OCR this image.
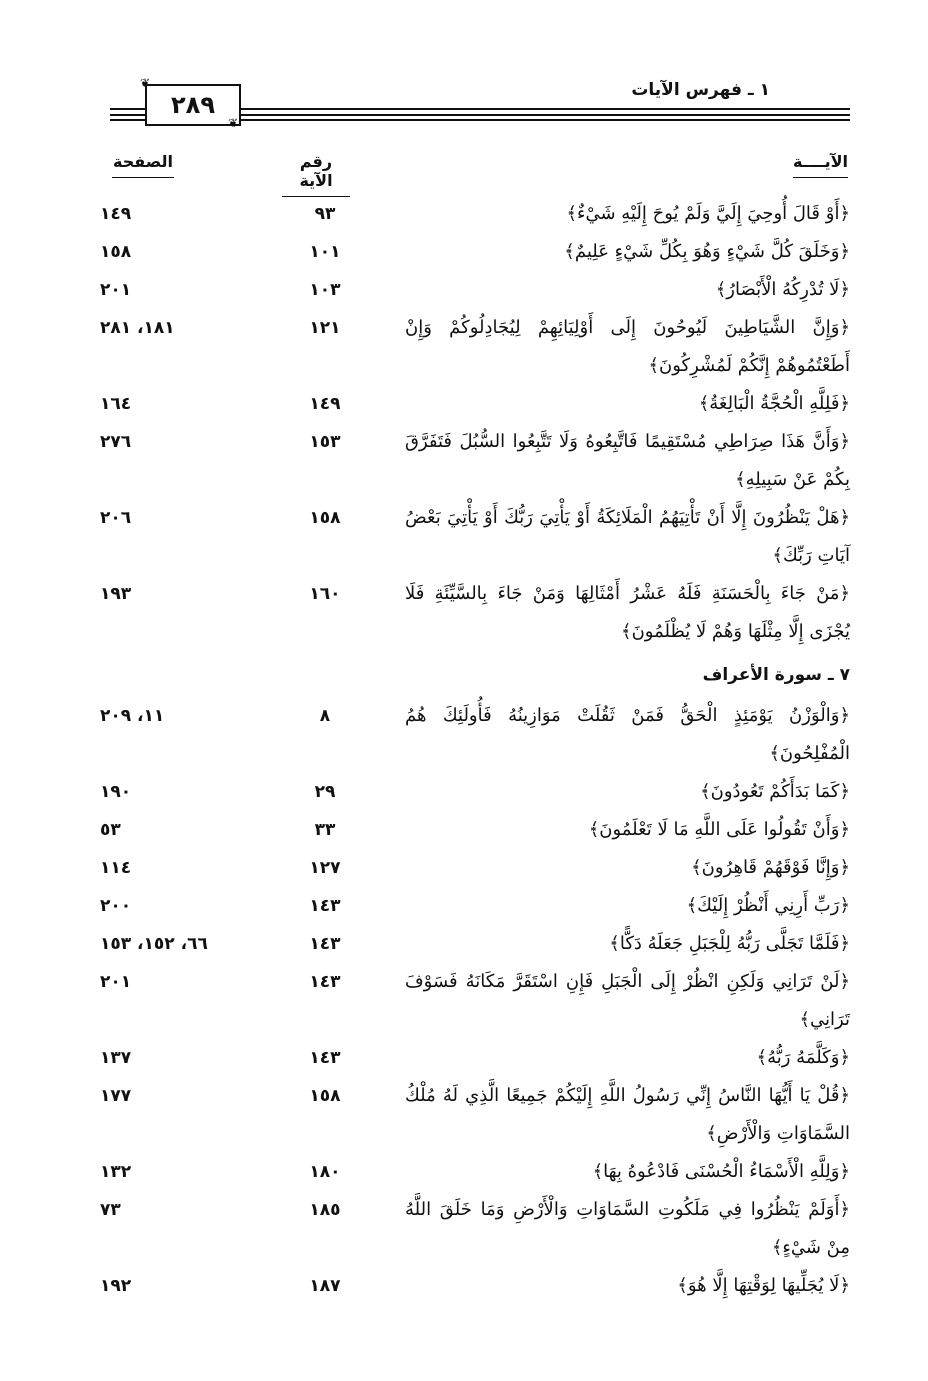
٢٨٩
❦
❦
١ ـ فهرس الآيات
الآيــــة
رقم الآية
الصفحة
﴿أَوْ قَالَ أُوحِيَ إِلَيَّ وَلَمْ يُوحَ إِلَيْهِ شَيْءٌ﴾
٩٣
١٤٩
﴿وَخَلَقَ كُلَّ شَيْءٍ وَهُوَ بِكُلِّ شَيْءٍ عَلِيمٌ﴾
١٠١
١٥٨
﴿لَا تُدْرِكُهُ الْأَبْصَارُ﴾
١٠٣
٢٠١
﴿وَإِنَّ الشَّيَاطِينَ لَيُوحُونَ إِلَى أَوْلِيَائِهِمْ لِيُجَادِلُوكُمْ وَإِنْ أَطَعْتُمُوهُمْ إِنَّكُمْ لَمُشْرِكُونَ﴾
١٢١
١٨١، ٢٨١
﴿فَلِلَّهِ الْحُجَّةُ الْبَالِغَةُ﴾
١٤٩
١٦٤
﴿وَأَنَّ هَذَا صِرَاطِي مُسْتَقِيمًا فَاتَّبِعُوهُ وَلَا تَتَّبِعُوا السُّبُلَ فَتَفَرَّقَ بِكُمْ عَنْ سَبِيلِهِ﴾
١٥٣
٢٧٦
﴿هَلْ يَنْظُرُونَ إِلَّا أَنْ تَأْتِيَهُمُ الْمَلَائِكَةُ أَوْ يَأْتِيَ رَبُّكَ أَوْ يَأْتِيَ بَعْضُ آيَاتِ رَبِّكَ﴾
١٥٨
٢٠٦
﴿مَنْ جَاءَ بِالْحَسَنَةِ فَلَهُ عَشْرُ أَمْثَالِهَا وَمَنْ جَاءَ بِالسَّيِّئَةِ فَلَا يُجْزَى إِلَّا مِثْلَهَا وَهُمْ لَا يُظْلَمُونَ﴾
١٦٠
١٩٣
٧ ـ سورة الأعراف
﴿وَالْوَزْنُ يَوْمَئِذٍ الْحَقُّ فَمَنْ ثَقُلَتْ مَوَازِينُهُ فَأُولَئِكَ هُمُ الْمُفْلِحُونَ﴾
٨
١١، ٢٠٩
﴿كَمَا بَدَأَكُمْ تَعُودُونَ﴾
٢٩
١٩٠
﴿وَأَنْ تَقُولُوا عَلَى اللَّهِ مَا لَا تَعْلَمُونَ﴾
٣٣
٥٣
﴿وَإِنَّا فَوْقَهُمْ قَاهِرُونَ﴾
١٢٧
١١٤
﴿رَبِّ أَرِنِي أَنْظُرْ إِلَيْكَ﴾
١٤٣
٢٠٠
﴿فَلَمَّا تَجَلَّى رَبُّهُ لِلْجَبَلِ جَعَلَهُ دَكًّا﴾
١٤٣
٦٦، ١٥٢، ١٥٣
﴿لَنْ تَرَانِي وَلَكِنِ انْظُرْ إِلَى الْجَبَلِ فَإِنِ اسْتَقَرَّ مَكَانَهُ فَسَوْفَ تَرَانِي﴾
١٤٣
٢٠١
﴿وَكَلَّمَهُ رَبُّهُ﴾
١٤٣
١٣٧
﴿قُلْ يَا أَيُّهَا النَّاسُ إِنِّي رَسُولُ اللَّهِ إِلَيْكُمْ جَمِيعًا الَّذِي لَهُ مُلْكُ السَّمَاوَاتِ وَالْأَرْضِ﴾
١٥٨
١٧٧
﴿وَلِلَّهِ الْأَسْمَاءُ الْحُسْنَى فَادْعُوهُ بِهَا﴾
١٨٠
١٣٢
﴿أَوَلَمْ يَنْظُرُوا فِي مَلَكُوتِ السَّمَاوَاتِ وَالْأَرْضِ وَمَا خَلَقَ اللَّهُ مِنْ شَيْءٍ﴾
١٨٥
٧٣
﴿لَا يُجَلِّيهَا لِوَقْتِهَا إِلَّا هُوَ﴾
١٨٧
١٩٢
